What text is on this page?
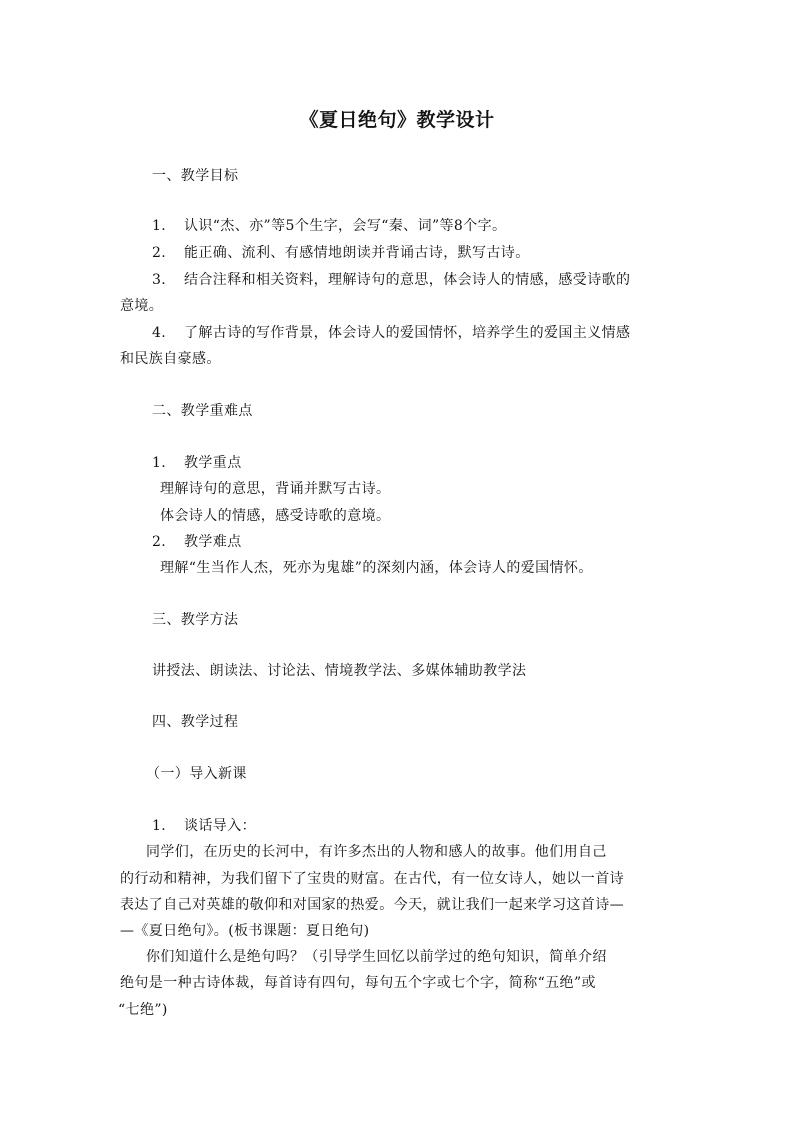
《夏日绝句》教学设计
一、教学目标
1. 认识“杰、亦”等5个生字，会写“秦、词”等8个字。
2. 能正确、流利、有感情地朗读并背诵古诗，默写古诗。
3. 结合注释和相关资料，理解诗句的意思，体会诗人的情感，感受诗歌的
意境。
4. 了解古诗的写作背景，体会诗人的爱国情怀，培养学生的爱国主义情感
和民族自豪感。
二、教学重难点
1. 教学重点
理解诗句的意思，背诵并默写古诗。
体会诗人的情感，感受诗歌的意境。
2. 教学难点
理解“生当作人杰，死亦为鬼雄”的深刻内涵，体会诗人的爱国情怀。
三、教学方法
讲授法、朗读法、讨论法、情境教学法、多媒体辅助教学法
四、教学过程
（一）导入新课
1. 谈话导入：
同学们，在历史的长河中，有许多杰出的人物和感人的故事。他们用自己
的行动和精神，为我们留下了宝贵的财富。在古代，有一位女诗人，她以一首诗
表达了自己对英雄的敬仰和对国家的热爱。今天，就让我们一起来学习这首诗—
—《夏日绝句》。(板书课题：夏日绝句)
你们知道什么是绝句吗？（引导学生回忆以前学过的绝句知识，简单介绍
绝句是一种古诗体裁，每首诗有四句，每句五个字或七个字，简称“五绝”或
“七绝”)
